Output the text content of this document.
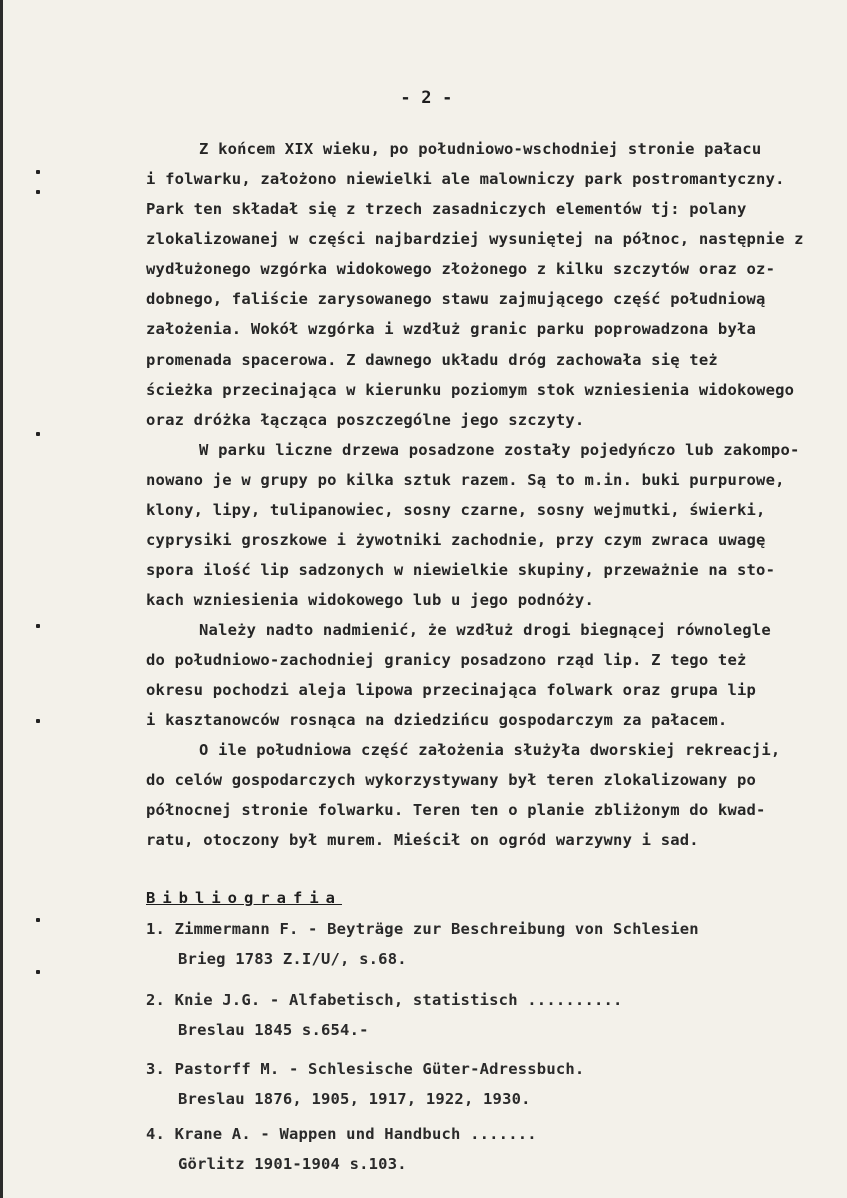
- 2 -
Z końcem XIX wieku, po południowo-wschodniej stronie pałacu
i folwarku, założono niewielki ale malowniczy park postromantyczny.
Park ten składał się z trzech zasadniczych elementów tj: polany
zlokalizowanej w części najbardziej wysuniętej na północ, następnie z
wydłużonego wzgórka widokowego złożonego z kilku szczytów oraz oz-
dobnego, faliście zarysowanego stawu zajmującego część południową
założenia. Wokół wzgórka i wzdłuż granic parku poprowadzona była
promenada spacerowa. Z dawnego układu dróg zachowała się też
ścieżka przecinająca w kierunku poziomym stok wzniesienia widokowego
oraz dróżka łącząca poszczególne jego szczyty.
W parku liczne drzewa posadzone zostały pojedyńczo lub zakompo-
nowano je w grupy po kilka sztuk razem. Są to m.in. buki purpurowe,
klony, lipy, tulipanowiec, sosny czarne, sosny wejmutki, świerki,
cyprysiki groszkowe i żywotniki zachodnie, przy czym zwraca uwagę
spora ilość lip sadzonych w niewielkie skupiny, przeważnie na sto-
kach wzniesienia widokowego lub u jego podnóży.
Należy nadto nadmienić, że wzdłuż drogi biegnącej równolegle
do południowo-zachodniej granicy posadzono rząd lip. Z tego też
okresu pochodzi aleja lipowa przecinająca folwark oraz grupa lip
i kasztanowców rosnąca na dziedzińcu gospodarczym za pałacem.
O ile południowa część założenia służyła dworskiej rekreacji,
do celów gospodarczych wykorzystywany był teren zlokalizowany po
północnej stronie folwarku. Teren ten o planie zbliżonym do kwad-
ratu, otoczony był murem. Mieścił on ogród warzywny i sad.
Bibliografia
1. Zimmermann F. - Beyträge zur Beschreibung von Schlesien
Brieg 1783 Z.I/U/, s.68.
2. Knie J.G. - Alfabetisch, statistisch ..........
Breslau 1845 s.654.-
3. Pastorff M. - Schlesische Güter-Adressbuch.
Breslau 1876, 1905, 1917, 1922, 1930.
4. Krane A. - Wappen und Handbuch .......
Görlitz 1901-1904 s.103.
